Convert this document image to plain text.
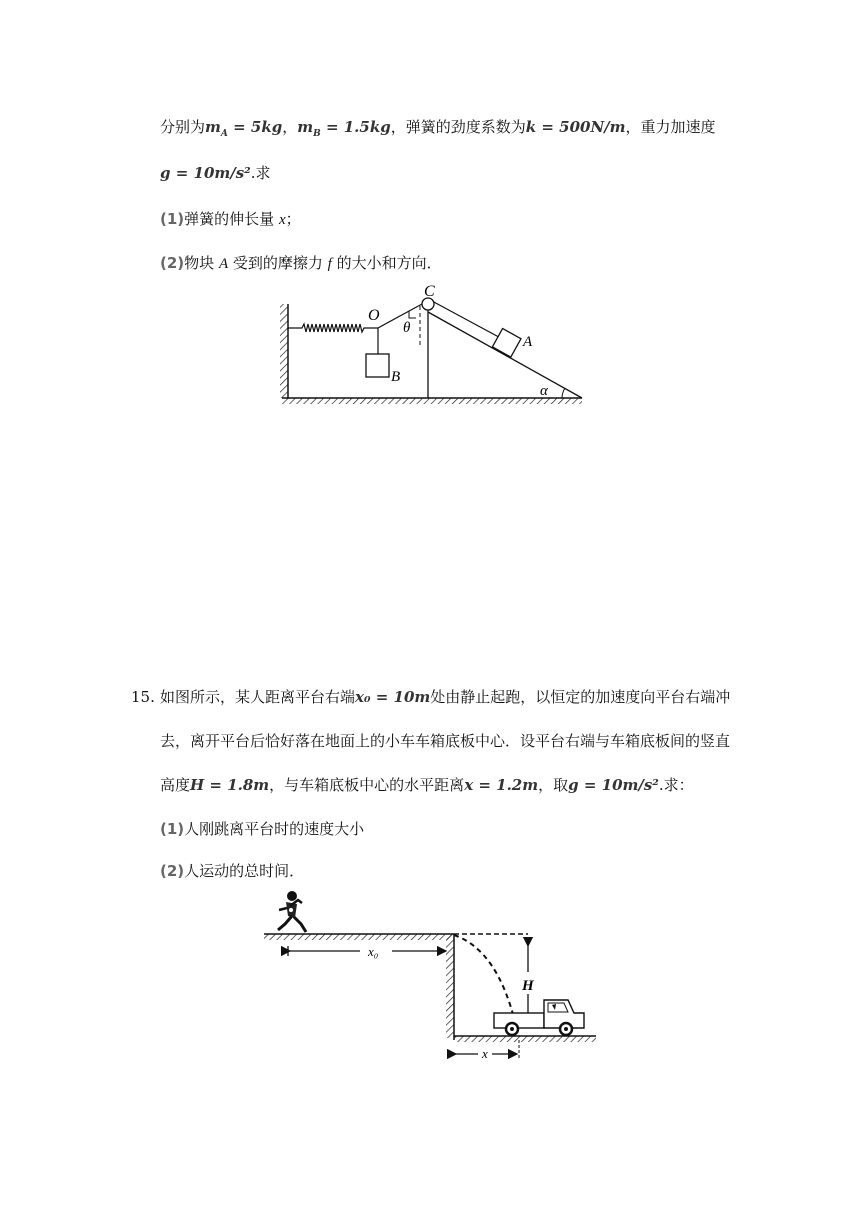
分别为$m_A = 5kg$，$m_B = 1.5kg$，弹簧的劲度系数为k = 500N/m，重力加速度
g = 10m/s².求
(1)弹簧的伸长量 x；
(2)物块 A 受到的摩擦力 f 的大小和方向．
O
C
θ
A
B
α
15. 如图所示，某人距离平台右端x₀ = 10m处由静止起跑，以恒定的加速度向平台右端冲
去，离开平台后恰好落在地面上的小车车箱底板中心．设平台右端与车箱底板间的竖直
高度H = 1.8m，与车箱底板中心的水平距离x = 1.2m，取g = 10m/s².求：
(1)人刚跳离平台时的速度大小
(2)人运动的总时间．
x₀
H
x
